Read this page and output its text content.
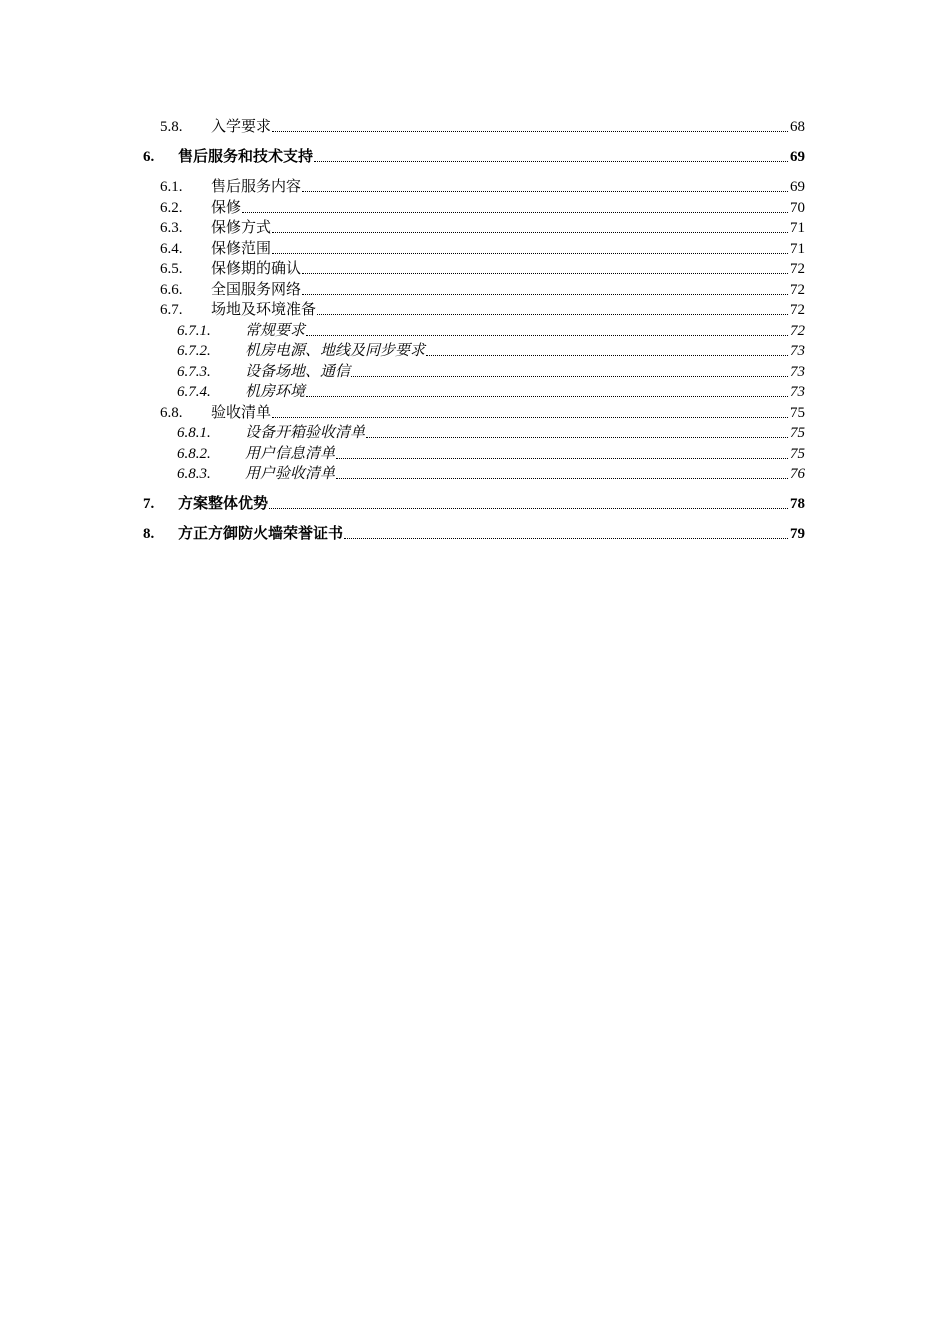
5.8. 入学要求	68
6. 售后服务和技术支持	69
6.1. 售后服务内容	69
6.2. 保修	70
6.3. 保修方式	71
6.4. 保修范围	71
6.5. 保修期的确认	72
6.6. 全国服务网络	72
6.7. 场地及环境准备	72
6.7.1. 常规要求	72
6.7.2. 机房电源、地线及同步要求	73
6.7.3. 设备场地、通信	73
6.7.4. 机房环境	73
6.8. 验收清单	75
6.8.1. 设备开箱验收清单	75
6.8.2. 用户信息清单	75
6.8.3. 用户验收清单	76
7. 方案整体优势	78
8. 方正方御防火墙荣誉证书	79
